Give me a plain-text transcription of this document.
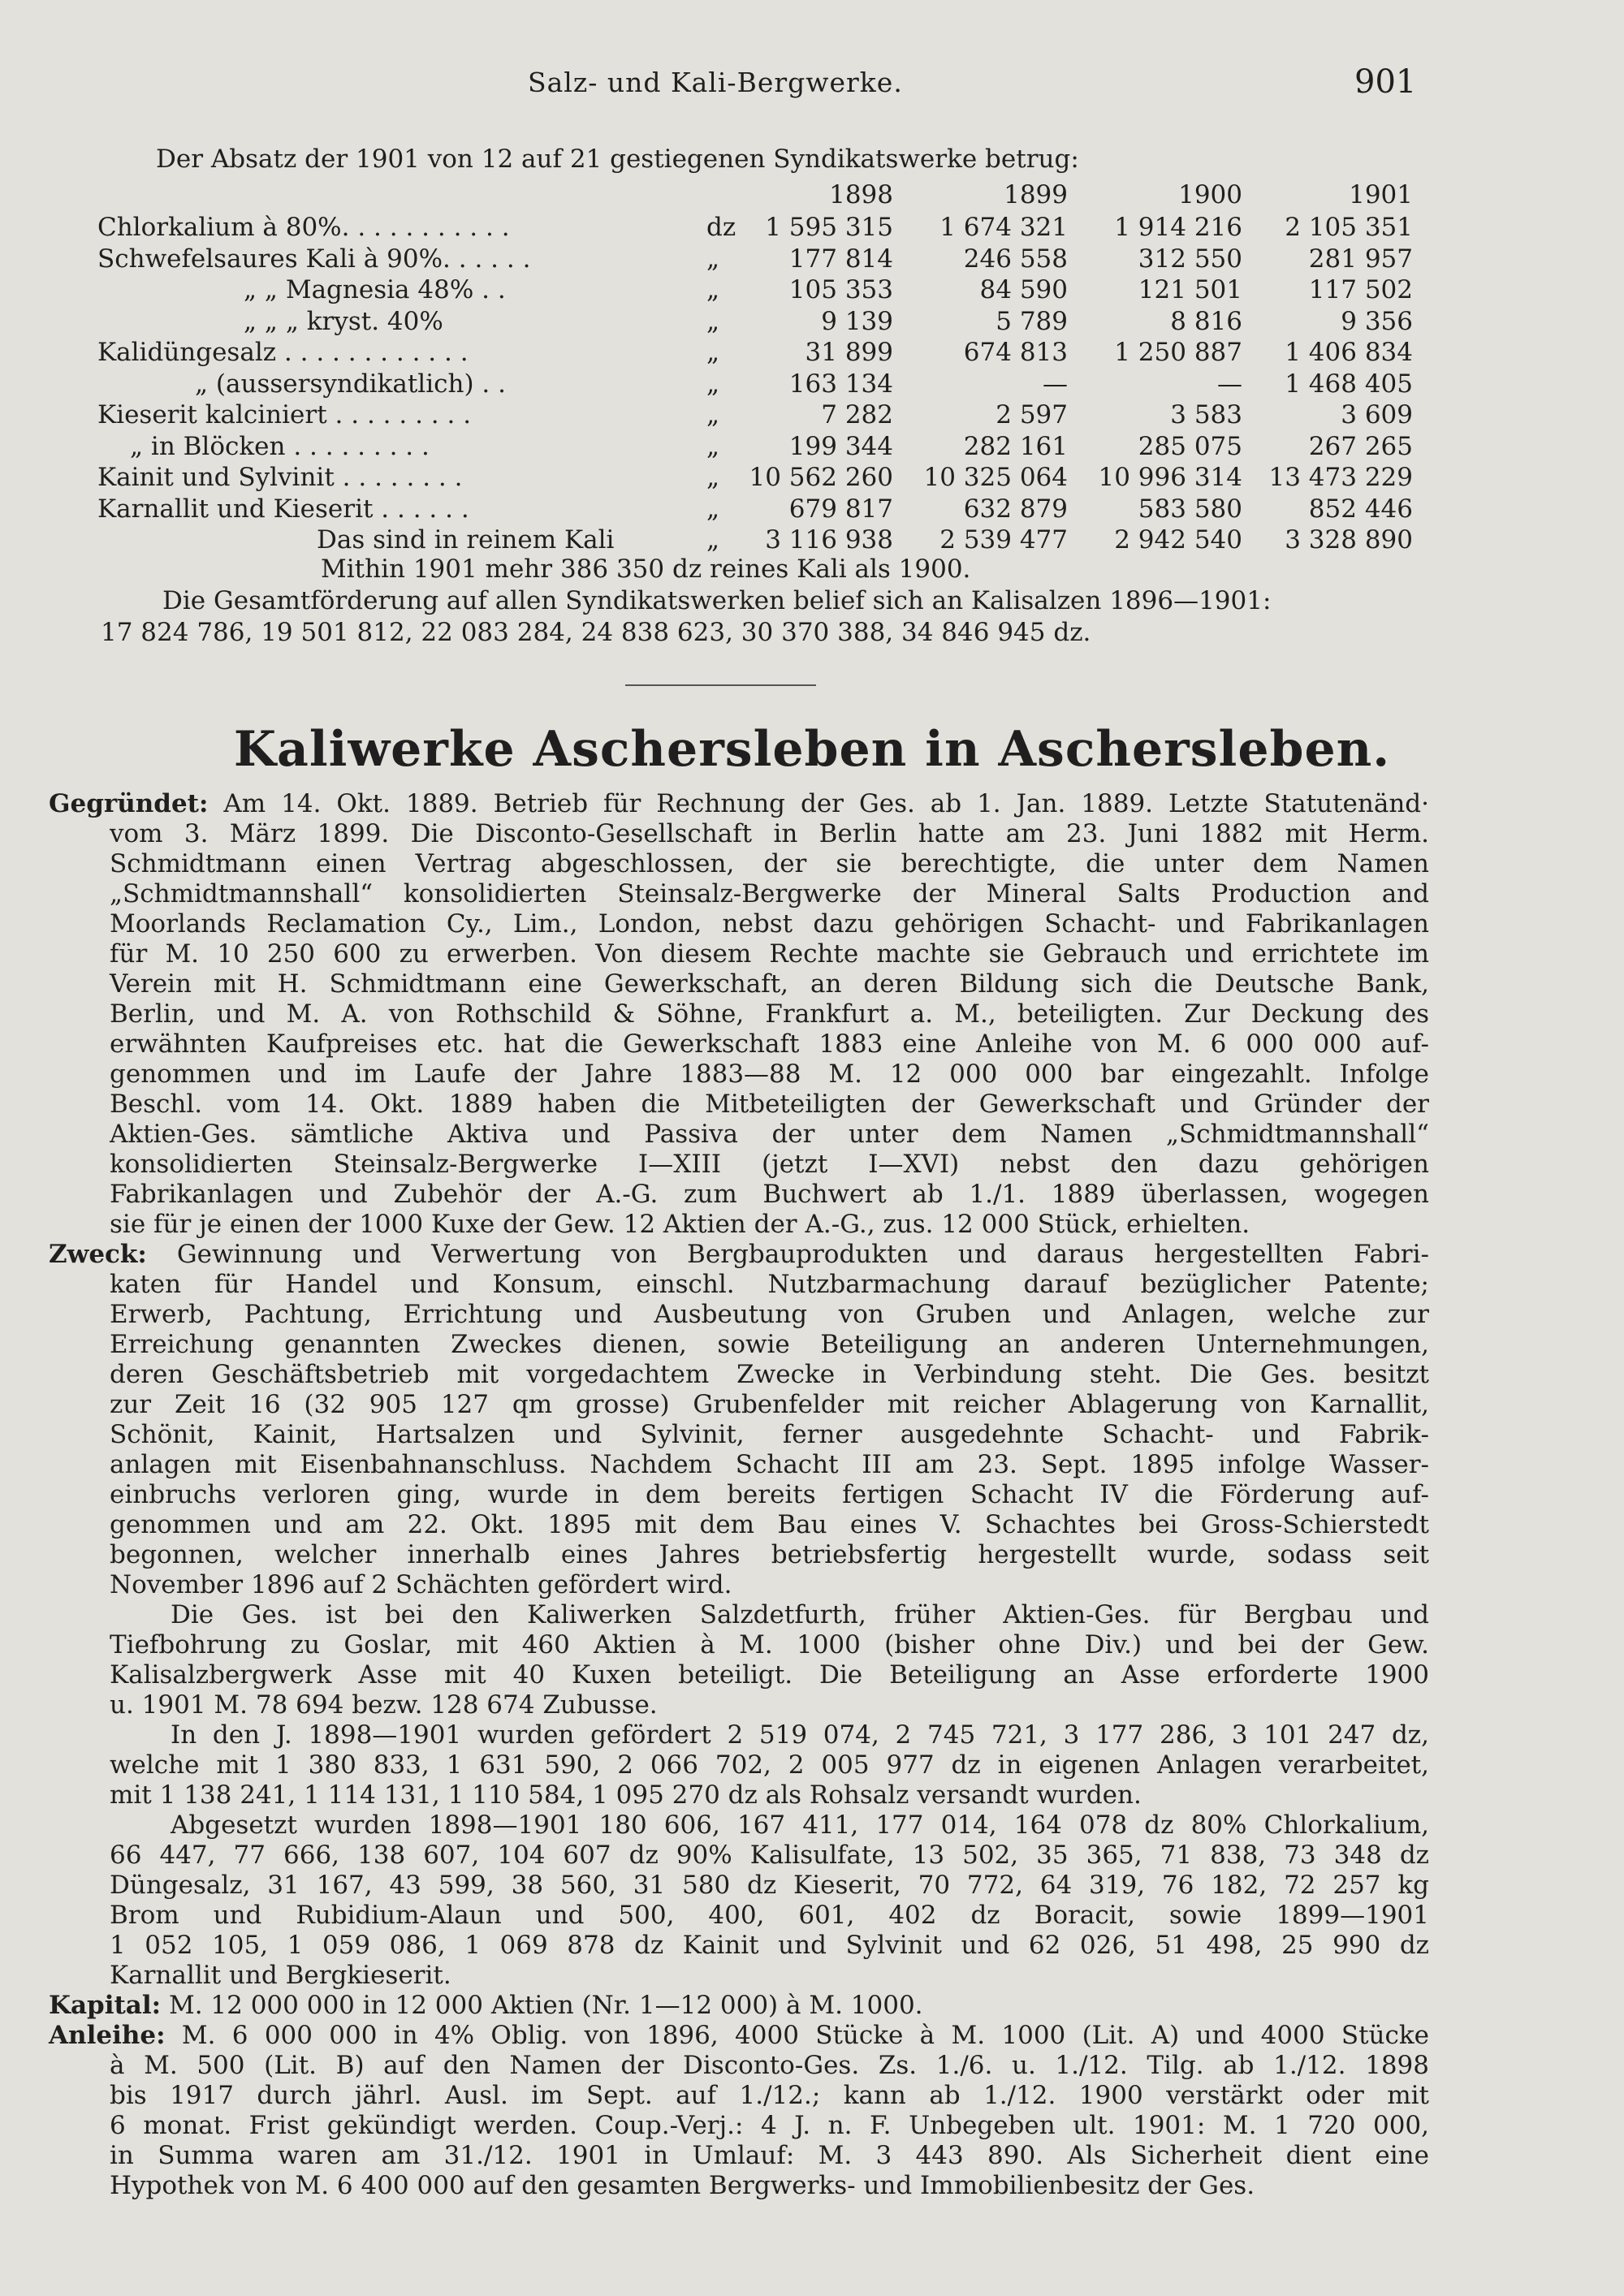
Salz- und Kali-Bergwerke.	901
Der Absatz der 1901 von 12 auf 21 gestiegenen Syndikatswerke betrug:
1898	1899	1900	1901
Chlorkalium à 80%. . . . . . . . . . .	dz	1 595 315	1 674 321	1 914 216	2 105 351
Schwefelsaures Kali à 90%. . . . . .	„	177 814	246 558	312 550	281 957
„ „ Magnesia 48% . .	„	105 353	84 590	121 501	117 502
„ „ „ kryst. 40%	„	9 139	5 789	8 816	9 356
Kalidüngesalz . . . . . . . . . . . .	„	31 899	674 813	1 250 887	1 406 834
„ (aussersyndikatlich) . .	„	163 134	—	—	1 468 405
Kieserit kalciniert . . . . . . . . .	„	7 282	2 597	3 583	3 609
„ in Blöcken . . . . . . . . .	„	199 344	282 161	285 075	267 265
Kainit und Sylvinit . . . . . . . .	„	10 562 260	10 325 064	10 996 314	13 473 229
Karnallit und Kieserit . . . . . .	„	679 817	632 879	583 580	852 446
Das sind in reinem Kali	„	3 116 938	2 539 477	2 942 540	3 328 890
Mithin 1901 mehr 386 350 dz reines Kali als 1900.
Die Gesamtförderung auf allen Syndikatswerken belief sich an Kalisalzen 1896—1901:
17 824 786, 19 501 812, 22 083 284, 24 838 623, 30 370 388, 34 846 945 dz.
Kaliwerke Aschersleben in Aschersleben.

Gegründet: Am 14. Okt. 1889. Betrieb für Rechnung der Ges. ab 1. Jan. 1889. Letzte Statutenänd·

vom 3. März 1899. Die Disconto-Gesellschaft in Berlin hatte am 23. Juni 1882 mit Herm.

Schmidtmann einen Vertrag abgeschlossen, der sie berechtigte, die unter dem Namen

„Schmidtmannshall“ konsolidierten Steinsalz-Bergwerke der Mineral Salts Production and

Moorlands Reclamation Cy., Lim., London, nebst dazu gehörigen Schacht- und Fabrikanlagen

für M. 10 250 600 zu erwerben. Von diesem Rechte machte sie Gebrauch und errichtete im

Verein mit H. Schmidtmann eine Gewerkschaft, an deren Bildung sich die Deutsche Bank,

Berlin, und M. A. von Rothschild & Söhne, Frankfurt a. M., beteiligten. Zur Deckung des

erwähnten Kaufpreises etc. hat die Gewerkschaft 1883 eine Anleihe von M. 6 000 000 auf-

genommen und im Laufe der Jahre 1883—88 M. 12 000 000 bar eingezahlt. Infolge

Beschl. vom 14. Okt. 1889 haben die Mitbeteiligten der Gewerkschaft und Gründer der

Aktien-Ges. sämtliche Aktiva und Passiva der unter dem Namen „Schmidtmannshall“

konsolidierten Steinsalz-Bergwerke I—XIII (jetzt I—XVI) nebst den dazu gehörigen

Fabrikanlagen und Zubehör der A.-G. zum Buchwert ab 1./1. 1889 überlassen, wogegen

sie für je einen der 1000 Kuxe der Gew. 12 Aktien der A.-G., zus. 12 000 Stück, erhielten.

Zweck: Gewinnung und Verwertung von Bergbauprodukten und daraus hergestellten Fabri-

katen für Handel und Konsum, einschl. Nutzbarmachung darauf bezüglicher Patente;

Erwerb, Pachtung, Errichtung und Ausbeutung von Gruben und Anlagen, welche zur

Erreichung genannten Zweckes dienen, sowie Beteiligung an anderen Unternehmungen,

deren Geschäftsbetrieb mit vorgedachtem Zwecke in Verbindung steht. Die Ges. besitzt

zur Zeit 16 (32 905 127 qm grosse) Grubenfelder mit reicher Ablagerung von Karnallit,

Schönit, Kainit, Hartsalzen und Sylvinit, ferner ausgedehnte Schacht- und Fabrik-

anlagen mit Eisenbahnanschluss. Nachdem Schacht III am 23. Sept. 1895 infolge Wasser-

einbruchs verloren ging, wurde in dem bereits fertigen Schacht IV die Förderung auf-

genommen und am 22. Okt. 1895 mit dem Bau eines V. Schachtes bei Gross-Schierstedt

begonnen, welcher innerhalb eines Jahres betriebsfertig hergestellt wurde, sodass seit

November 1896 auf 2 Schächten gefördert wird.

Die Ges. ist bei den Kaliwerken Salzdetfurth, früher Aktien-Ges. für Bergbau und

Tiefbohrung zu Goslar, mit 460 Aktien à M. 1000 (bisher ohne Div.) und bei der Gew.

Kalisalzbergwerk Asse mit 40 Kuxen beteiligt. Die Beteiligung an Asse erforderte 1900

u. 1901 M. 78 694 bezw. 128 674 Zubusse.

In den J. 1898—1901 wurden gefördert 2 519 074, 2 745 721, 3 177 286, 3 101 247 dz,

welche mit 1 380 833, 1 631 590, 2 066 702, 2 005 977 dz in eigenen Anlagen verarbeitet,

mit 1 138 241, 1 114 131, 1 110 584, 1 095 270 dz als Rohsalz versandt wurden.

Abgesetzt wurden 1898—1901 180 606, 167 411, 177 014, 164 078 dz 80% Chlorkalium,

66 447, 77 666, 138 607, 104 607 dz 90% Kalisulfate, 13 502, 35 365, 71 838, 73 348 dz

Düngesalz, 31 167, 43 599, 38 560, 31 580 dz Kieserit, 70 772, 64 319, 76 182, 72 257 kg

Brom und Rubidium-Alaun und 500, 400, 601, 402 dz Boracit, sowie 1899—1901

1 052 105, 1 059 086, 1 069 878 dz Kainit und Sylvinit und 62 026, 51 498, 25 990 dz

Karnallit und Bergkieserit.

Kapital: M. 12 000 000 in 12 000 Aktien (Nr. 1—12 000) à M. 1000.

Anleihe: M. 6 000 000 in 4% Oblig. von 1896, 4000 Stücke à M. 1000 (Lit. A) und 4000 Stücke

à M. 500 (Lit. B) auf den Namen der Disconto-Ges. Zs. 1./6. u. 1./12. Tilg. ab 1./12. 1898

bis 1917 durch jährl. Ausl. im Sept. auf 1./12.; kann ab 1./12. 1900 verstärkt oder mit

6 monat. Frist gekündigt werden. Coup.-Verj.: 4 J. n. F. Unbegeben ult. 1901: M. 1 720 000,

in Summa waren am 31./12. 1901 in Umlauf: M. 3 443 890. Als Sicherheit dient eine

Hypothek von M. 6 400 000 auf den gesamten Bergwerks- und Immobilienbesitz der Ges.
